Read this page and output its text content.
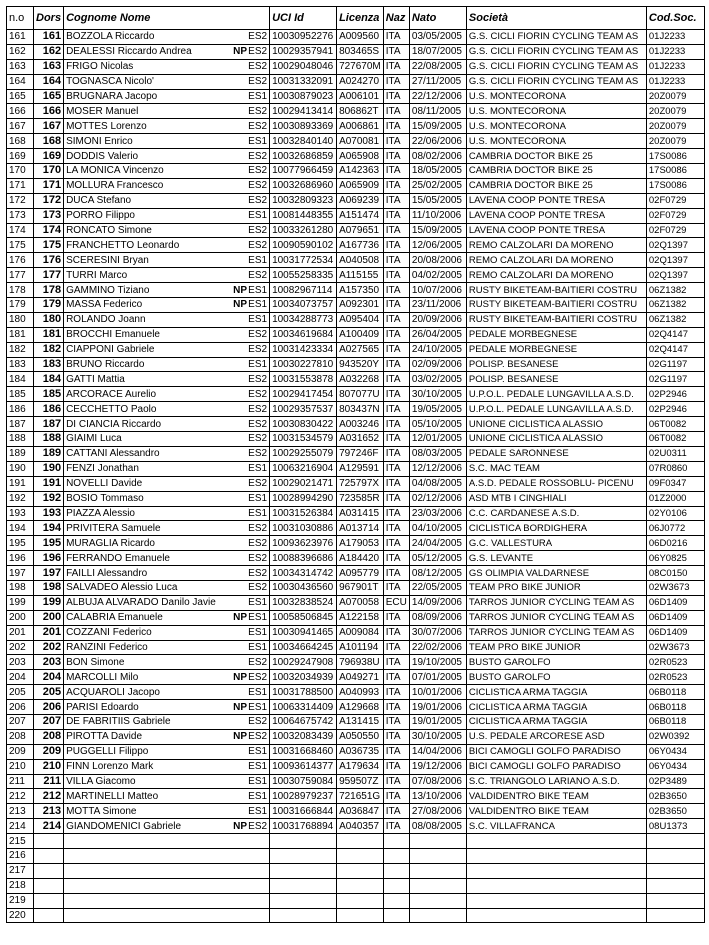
n.o	Dors	Cognome Nome	UCI Id	Licenza	Naz	Nato	Società	Cod.Soc.
161	161	BOZZOLA Riccardo ES2	10030952276	A009560	ITA	03/05/2005	G.S. CICLI FIORIN CYCLING TEAM AS	01J2233
162	162	DEALESSI Riccardo Andrea NP ES2	10029357941	803465S	ITA	18/07/2005	G.S. CICLI FIORIN CYCLING TEAM AS	01J2233
163	163	FRIGO Nicolas ES2	10029048046	727670M	ITA	22/08/2005	G.S. CICLI FIORIN CYCLING TEAM AS	01J2233
164	164	TOGNASCA Nicolo' ES2	10031332091	A024270	ITA	27/11/2005	G.S. CICLI FIORIN CYCLING TEAM AS	01J2233
165	165	BRUGNARA Jacopo ES1	10030879023	A006101	ITA	22/12/2006	U.S. MONTECORONA	20Z0079
166	166	MOSER Manuel ES2	10029413414	806862T	ITA	08/11/2005	U.S. MONTECORONA	20Z0079
167	167	MOTTES Lorenzo ES2	10030893369	A006861	ITA	15/09/2005	U.S. MONTECORONA	20Z0079
168	168	SIMONI Enrico ES1	10032840140	A070081	ITA	22/06/2006	U.S. MONTECORONA	20Z0079
169	169	DODDIS Valerio ES2	10032686859	A065908	ITA	08/02/2006	CAMBRIA DOCTOR BIKE 25	17S0086
170	170	LA MONICA Vincenzo ES2	10077966459	A142363	ITA	18/05/2005	CAMBRIA DOCTOR BIKE 25	17S0086
171	171	MOLLURA Francesco ES2	10032686960	A065909	ITA	25/02/2005	CAMBRIA DOCTOR BIKE 25	17S0086
172	172	DUCA Stefano ES2	10032809323	A069239	ITA	15/05/2005	LAVENA COOP PONTE TRESA	02F0729
173	173	PORRO Filippo ES1	10081448355	A151474	ITA	11/10/2006	LAVENA COOP PONTE TRESA	02F0729
174	174	RONCATO Simone ES2	10033261280	A079651	ITA	15/09/2005	LAVENA COOP PONTE TRESA	02F0729
175	175	FRANCHETTO Leonardo ES2	10090590102	A167736	ITA	12/06/2005	REMO CALZOLARI DA MORENO	02Q1397
176	176	SCERESINI Bryan ES1	10031772534	A040508	ITA	20/08/2006	REMO CALZOLARI DA MORENO	02Q1397
177	177	TURRI Marco ES2	10055258335	A115155	ITA	04/02/2005	REMO CALZOLARI DA MORENO	02Q1397
178	178	GAMMINO Tiziano NP ES1	10082967114	A157350	ITA	10/07/2006	RUSTY BIKETEAM-BAITIERI COSTRU	06Z1382
179	179	MASSA Federico NP ES1	10034073757	A092301	ITA	23/11/2006	RUSTY BIKETEAM-BAITIERI COSTRU	06Z1382
180	180	ROLANDO Joann ES1	10034288773	A095404	ITA	20/09/2006	RUSTY BIKETEAM-BAITIERI COSTRU	06Z1382
181	181	BROCCHI Emanuele ES2	10034619684	A100409	ITA	26/04/2005	PEDALE MORBEGNESE	02Q4147
182	182	CIAPPONI Gabriele ES2	10031423334	A027565	ITA	24/10/2005	PEDALE MORBEGNESE	02Q4147
183	183	BRUNO Riccardo ES1	10030227810	943520Y	ITA	02/09/2006	POLISP. BESANESE	02G1197
184	184	GATTI Mattia ES2	10031553878	A032268	ITA	03/02/2005	POLISP. BESANESE	02G1197
185	185	ARCORACE Aurelio ES2	10029417454	807077U	ITA	30/10/2005	U.P.O.L. PEDALE LUNGAVILLA A.S.D.	02P2946
186	186	CECCHETTO Paolo ES2	10029357537	803437N	ITA	19/05/2005	U.P.O.L. PEDALE LUNGAVILLA A.S.D.	02P2946
187	187	DI CIANCIA Riccardo ES2	10030830422	A003246	ITA	05/10/2005	UNIONE CICLISTICA ALASSIO	06T0082
188	188	GIAIMI Luca ES2	10031534579	A031652	ITA	12/01/2005	UNIONE CICLISTICA ALASSIO	06T0082
189	189	CATTANI Alessandro ES2	10029255079	797246F	ITA	08/03/2005	PEDALE SARONNESE	02U0311
190	190	FENZI Jonathan ES1	10063216904	A129591	ITA	12/12/2006	S.C. MAC TEAM	07R0860
191	191	NOVELLI Davide ES2	10029021471	725797X	ITA	04/08/2005	A.S.D. PEDALE ROSSOBLU- PICENU	09F0347
192	192	BOSIO Tommaso ES1	10028994290	723585R	ITA	02/12/2006	ASD MTB I CINGHIALI	01Z2000
193	193	PIAZZA Alessio ES1	10031526384	A031415	ITA	23/03/2006	C.C. CARDANESE A.S.D.	02Y0106
194	194	PRIVITERA Samuele ES2	10031030886	A013714	ITA	04/10/2005	CICLISTICA BORDIGHERA	06J0772
195	195	MURAGLIA Ricardo ES2	10093623976	A179053	ITA	24/04/2005	G.C. VALLESTURA	06D0216
196	196	FERRANDO Emanuele ES2	10088396686	A184420	ITA	05/12/2005	G.S. LEVANTE	06Y0825
197	197	FAILLI Alessandro ES2	10034314742	A095779	ITA	08/12/2005	GS OLIMPIA VALDARNESE	08C0150
198	198	SALVADEO Alessio Luca ES2	10030436560	967901T	ITA	22/05/2005	TEAM PRO BIKE JUNIOR	02W3673
199	199	ALBUJA ALVARADO Danilo Javie ES1	10032838524	A070058	ECU	14/09/2006	TARROS JUNIOR CYCLING TEAM AS	06D1409
200	200	CALABRIA Emanuele NP ES1	10058506845	A122158	ITA	08/09/2006	TARROS JUNIOR CYCLING TEAM AS	06D1409
201	201	COZZANI Federico ES1	10030941465	A009084	ITA	30/07/2006	TARROS JUNIOR CYCLING TEAM AS	06D1409
202	202	RANZINI Federico ES1	10034664245	A101194	ITA	22/02/2006	TEAM PRO BIKE JUNIOR	02W3673
203	203	BON Simone ES2	10029247908	796938U	ITA	19/10/2005	BUSTO GAROLFO	02R0523
204	204	MARCOLLI Milo NP ES2	10032034939	A049271	ITA	07/01/2005	BUSTO GAROLFO	02R0523
205	205	ACQUAROLI Jacopo ES1	10031788500	A040993	ITA	10/01/2006	CICLISTICA ARMA TAGGIA	06B0118
206	206	PARISI Edoardo NP ES1	10063314409	A129668	ITA	19/01/2006	CICLISTICA ARMA TAGGIA	06B0118
207	207	DE FABRITIIS Gabriele ES2	10064675742	A131415	ITA	19/01/2005	CICLISTICA ARMA TAGGIA	06B0118
208	208	PIROTTA Davide NP ES2	10032083439	A050550	ITA	30/10/2005	U.S. PEDALE ARCORESE ASD	02W0392
209	209	PUGGELLI Filippo ES1	10031668460	A036735	ITA	14/04/2006	BICI CAMOGLI GOLFO PARADISO	06Y0434
210	210	FINN Lorenzo Mark ES1	10093614377	A179634	ITA	19/12/2006	BICI CAMOGLI GOLFO PARADISO	06Y0434
211	211	VILLA Giacomo ES1	10030759084	959507Z	ITA	07/08/2006	S.C. TRIANGOLO LARIANO A.S.D.	02P3489
212	212	MARTINELLI Matteo ES1	10028979237	721651G	ITA	13/10/2006	VALDIDENTRO BIKE TEAM	02B3650
213	213	MOTTA Simone ES1	10031666844	A036847	ITA	27/08/2006	VALDIDENTRO BIKE TEAM	02B3650
214	214	GIANDOMENICI Gabriele NP ES2	10031768894	A040357	ITA	08/08/2005	S.C. VILLAFRANCA	08U1373
215		

216		

217		

218		

219		

220		
